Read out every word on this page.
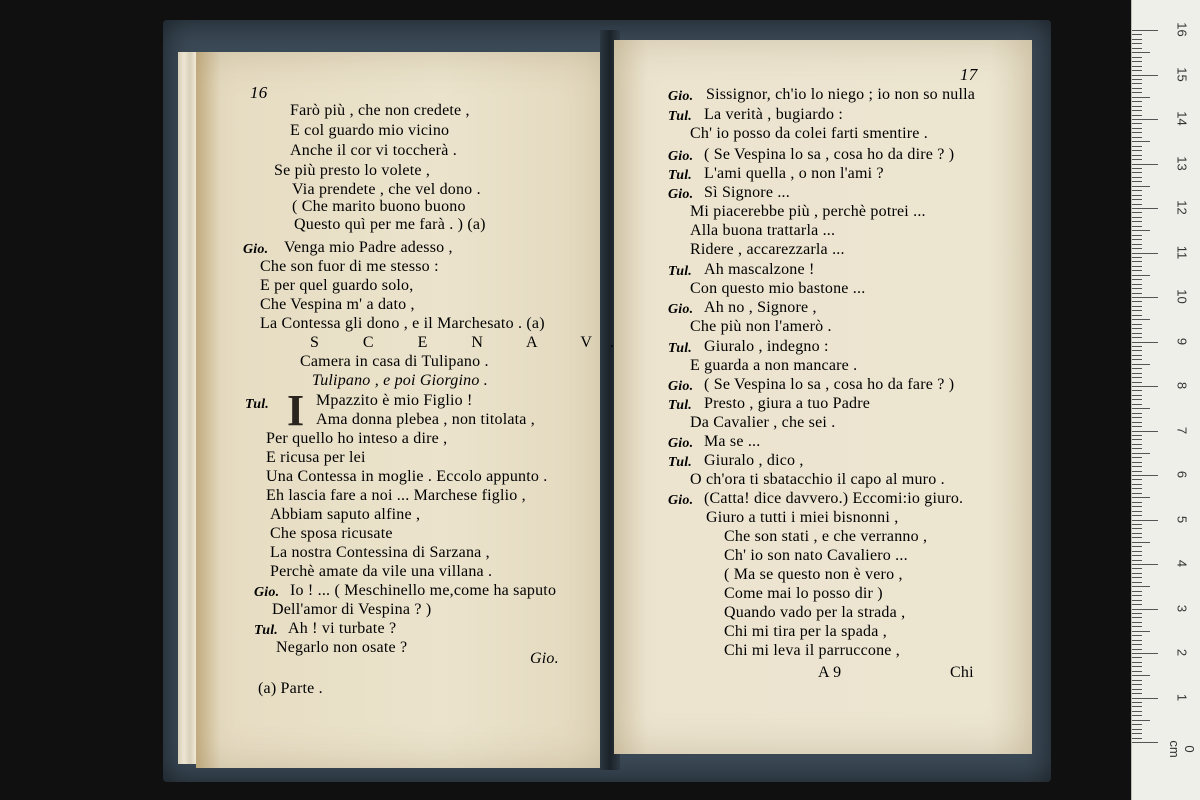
16
Farò più , che non credete ,
E col guardo mio vicino
Anche il cor vi toccherà .
Se più presto lo volete ,
Via prendete , che vel dono .
( Che marito buono buono
Questo quì per me farà . ) (a)
Gio. Venga mio Padre adesso ,
Che son fuor di me stesso :
E per quel guardo solo,
Che Vespina m' a dato ,
La Contessa gli dono , e il Marchesato . (a)
S C E N A V.
Camera in casa di Tulipano .
Tulipano , e poi Giorgino .
Tul. I Mpazzito è mio Figlio !
Ama donna plebea , non titolata ,
Per quello ho inteso a dire ,
E ricusa per lei
Una Contessa in moglie . Eccolo appunto .
Eh lascia fare a noi ... Marchese figlio ,
Abbiam saputo alfine ,
Che sposa ricusate
La nostra Contessina di Sarzana ,
Perchè amate da vile una villana .
Gio. Io ! ... ( Meschinello me,come ha saputo
Dell'amor di Vespina ? )
Tul. Ah ! vi turbate ?
Negarlo non osate ?
Gio.
(a) Parte .
17
Gio. Sissignor, ch'io lo niego ; io non so nulla
Tul. La verità , bugiardo :
Ch' io posso da colei farti smentire .
Gio. ( Se Vespina lo sa , cosa ho da dire ? )
Tul. L'ami quella , o non l'ami ?
Gio. Sì Signore ...
Mi piacerebbe più , perchè potrei ...
Alla buona trattarla ...
Ridere , accarezzarla ...
Tul. Ah mascalzone !
Con questo mio bastone ...
Gio. Ah no , Signore ,
Che più non l'amerò .
Tul. Giuralo , indegno :
E guarda a non mancare .
Gio. ( Se Vespina lo sa , cosa ho da fare ? )
Tul. Presto , giura a tuo Padre
Da Cavalier , che sei .
Gio. Ma se ...
Tul. Giuralo , dico ,
O ch'ora ti sbatacchio il capo al muro .
Gio. (Catta! dice davvero.) Eccomi:io giuro.
Giuro a tutti i miei bisnonni ,
Che son stati , e che verranno ,
Ch' io son nato Cavaliero ...
( Ma se questo non è vero ,
Come mai lo posso dir )
Quando vado per la strada ,
Chi mi tira per la spada ,
Chi mi leva il parruccone ,
A 9	Chi
16
15
14
13
12
11
10
9
8
7
6
5
4
3
2
1
0 cm
